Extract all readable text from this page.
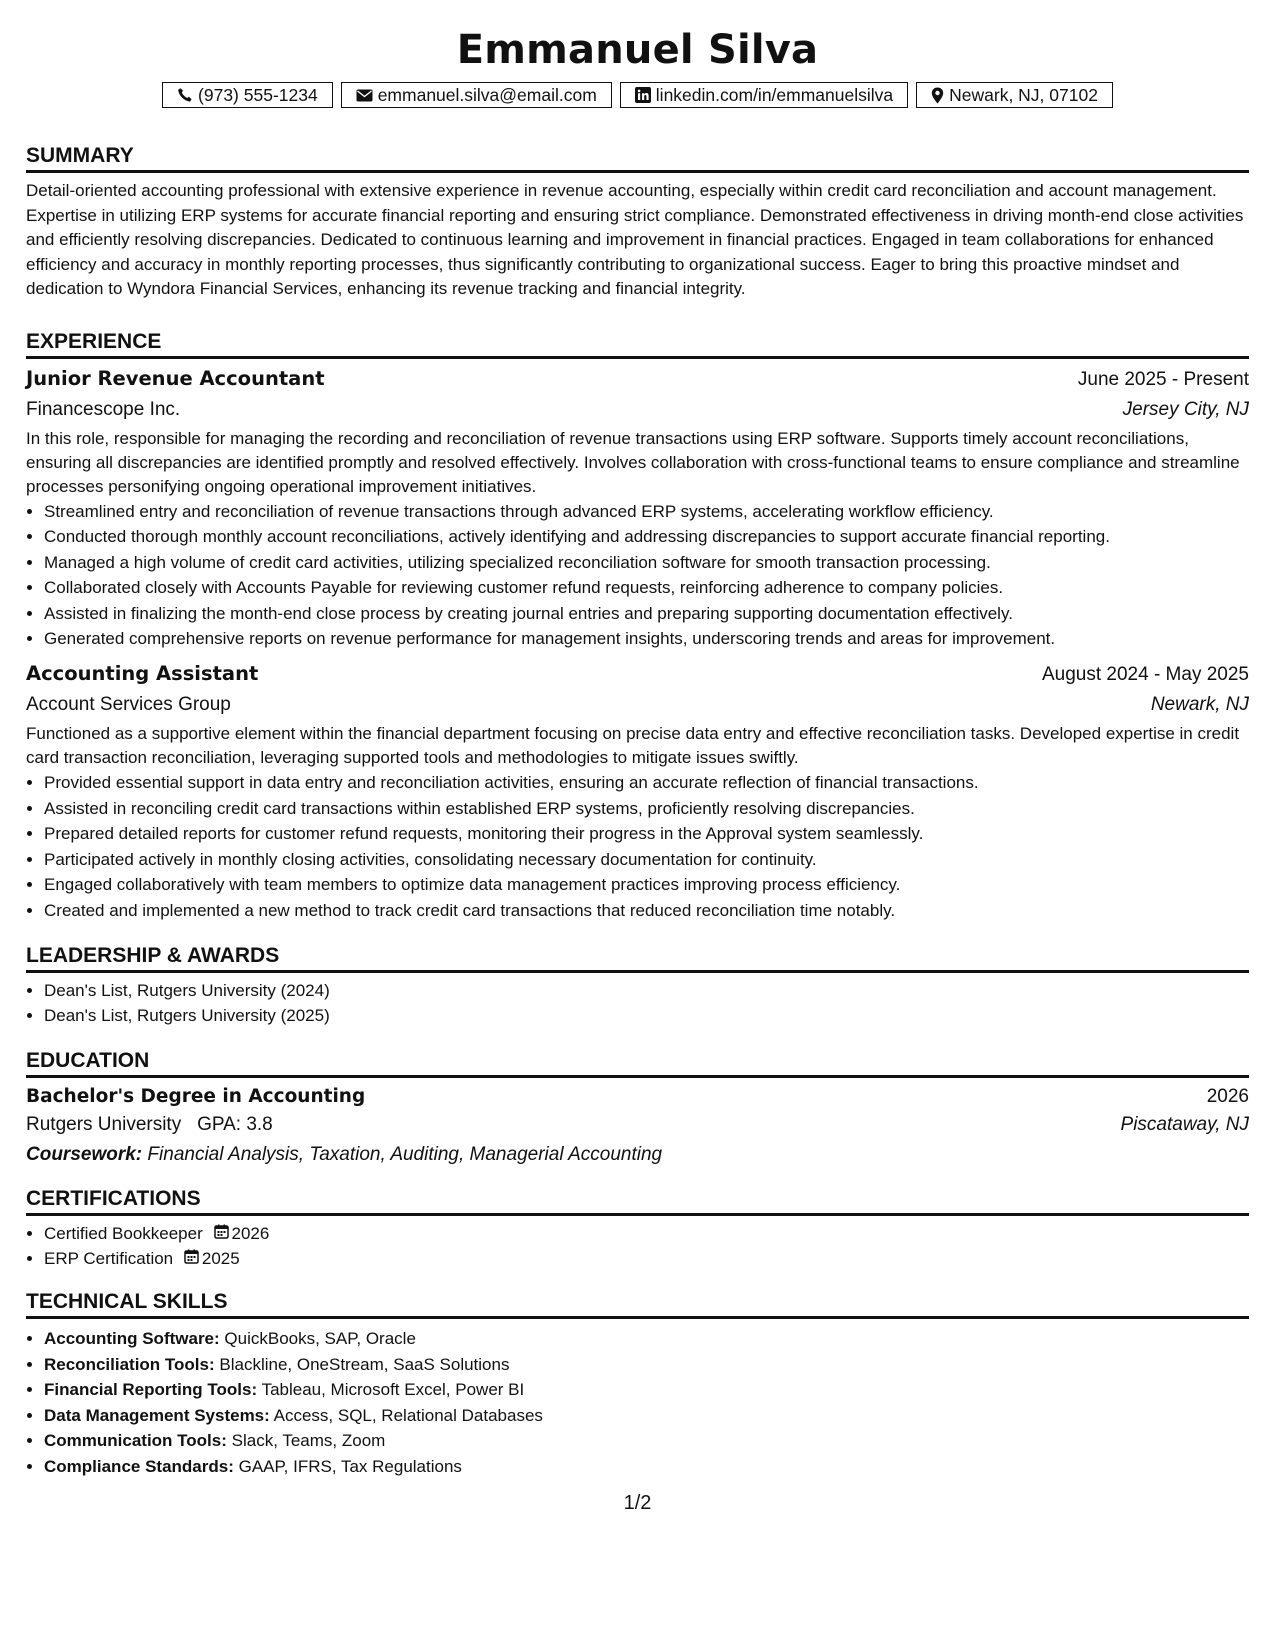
Emmanuel Silva
(973) 555-1234	emmanuel.silva@email.com	linkedin.com/in/emmanuelsilva	Newark, NJ, 07102
SUMMARY

Detail-oriented accounting professional with extensive experience in revenue accounting, especially within credit card reconciliation and account management. Expertise in utilizing ERP systems for accurate financial reporting and ensuring strict compliance. Demonstrated effectiveness in driving month-end close activities and efficiently resolving discrepancies. Dedicated to continuous learning and improvement in financial practices. Engaged in team collaborations for enhanced efficiency and accuracy in monthly reporting processes, thus significantly contributing to organizational success. Eager to bring this proactive mindset and dedication to Wyndora Financial Services, enhancing its revenue tracking and financial integrity.

EXPERIENCE
Junior Revenue Accountant	June 2025 - Present
Financescope Inc.	Jersey City, NJ

In this role, responsible for managing the recording and reconciliation of revenue transactions using ERP software. Supports timely account reconciliations, ensuring all discrepancies are identified promptly and resolved effectively. Involves collaboration with cross-functional teams to ensure compliance and streamline processes personifying ongoing operational improvement initiatives.

• Streamlined entry and reconciliation of revenue transactions through advanced ERP systems, accelerating workflow efficiency.
• Conducted thorough monthly account reconciliations, actively identifying and addressing discrepancies to support accurate financial reporting.
• Managed a high volume of credit card activities, utilizing specialized reconciliation software for smooth transaction processing.
• Collaborated closely with Accounts Payable for reviewing customer refund requests, reinforcing adherence to company policies.
• Assisted in finalizing the month-end close process by creating journal entries and preparing supporting documentation effectively.
• Generated comprehensive reports on revenue performance for management insights, underscoring trends and areas for improvement.
Accounting Assistant	August 2024 - May 2025
Account Services Group	Newark, NJ

Functioned as a supportive element within the financial department focusing on precise data entry and effective reconciliation tasks. Developed expertise in credit card transaction reconciliation, leveraging supported tools and methodologies to mitigate issues swiftly.

• Provided essential support in data entry and reconciliation activities, ensuring an accurate reflection of financial transactions.
• Assisted in reconciling credit card transactions within established ERP systems, proficiently resolving discrepancies.
• Prepared detailed reports for customer refund requests, monitoring their progress in the Approval system seamlessly.
• Participated actively in monthly closing activities, consolidating necessary documentation for continuity.
• Engaged collaboratively with team members to optimize data management practices improving process efficiency.
• Created and implemented a new method to track credit card transactions that reduced reconciliation time notably.
LEADERSHIP & AWARDS
• Dean's List, Rutgers University (2024)
• Dean's List, Rutgers University (2025)
EDUCATION
Bachelor's Degree in Accounting	2026
Rutgers University GPA: 3.8	Piscataway, NJ
Coursework: Financial Analysis, Taxation, Auditing, Managerial Accounting
CERTIFICATIONS
• Certified Bookkeeper 2026
• ERP Certification 2025
TECHNICAL SKILLS
• Accounting Software: QuickBooks, SAP, Oracle
• Reconciliation Tools: Blackline, OneStream, SaaS Solutions
• Financial Reporting Tools: Tableau, Microsoft Excel, Power BI
• Data Management Systems: Access, SQL, Relational Databases
• Communication Tools: Slack, Teams, Zoom
• Compliance Standards: GAAP, IFRS, Tax Regulations
1/2
